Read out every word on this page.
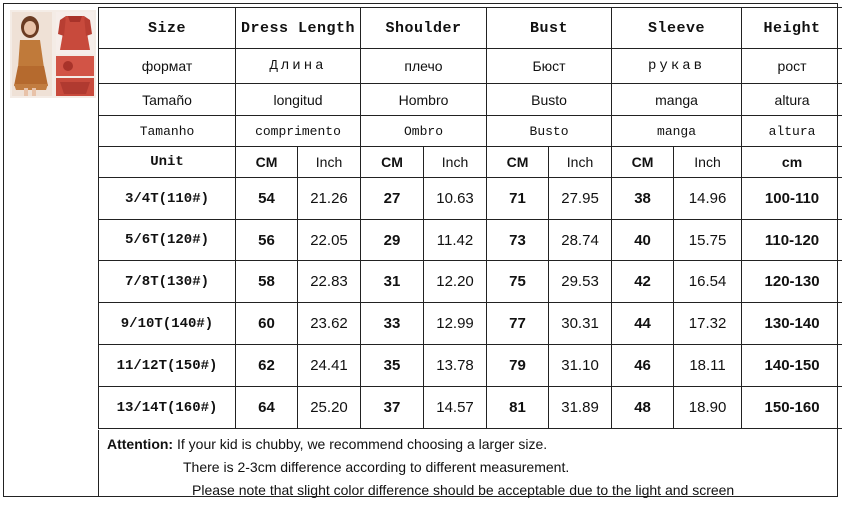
Size	Dress Length		Shoulder		Bust		Sleeve		Height
формат	Длина		плечо		Бюст		рукав		рост
Tamaño	longitud		Hombro		Busto		manga		altura
Tamanho	comprimento		Ombro		Busto		manga		altura
Unit	CM	Inch	CM	Inch	CM	Inch	CM	Inch	cm
3/4T(110#)	54	21.26	27	10.63	71	27.95	38	14.96	100-110
5/6T(120#)	56	22.05	29	11.42	73	28.74	40	15.75	110-120
7/8T(130#)	58	22.83	31	12.20	75	29.53	42	16.54	120-130
9/10T(140#)	60	23.62	33	12.99	77	30.31	44	17.32	130-140
11/12T(150#)	62	24.41	35	13.78	79	31.10	46	18.11	140-150
13/14T(160#)	64	25.20	37	14.57	81	31.89	48	18.90	150-160
Attention: If your kid is chubby, we recommend choosing a larger size.
There is 2-3cm difference according to different measurement.
Please note that slight color difference should be acceptable due to the light and screen
